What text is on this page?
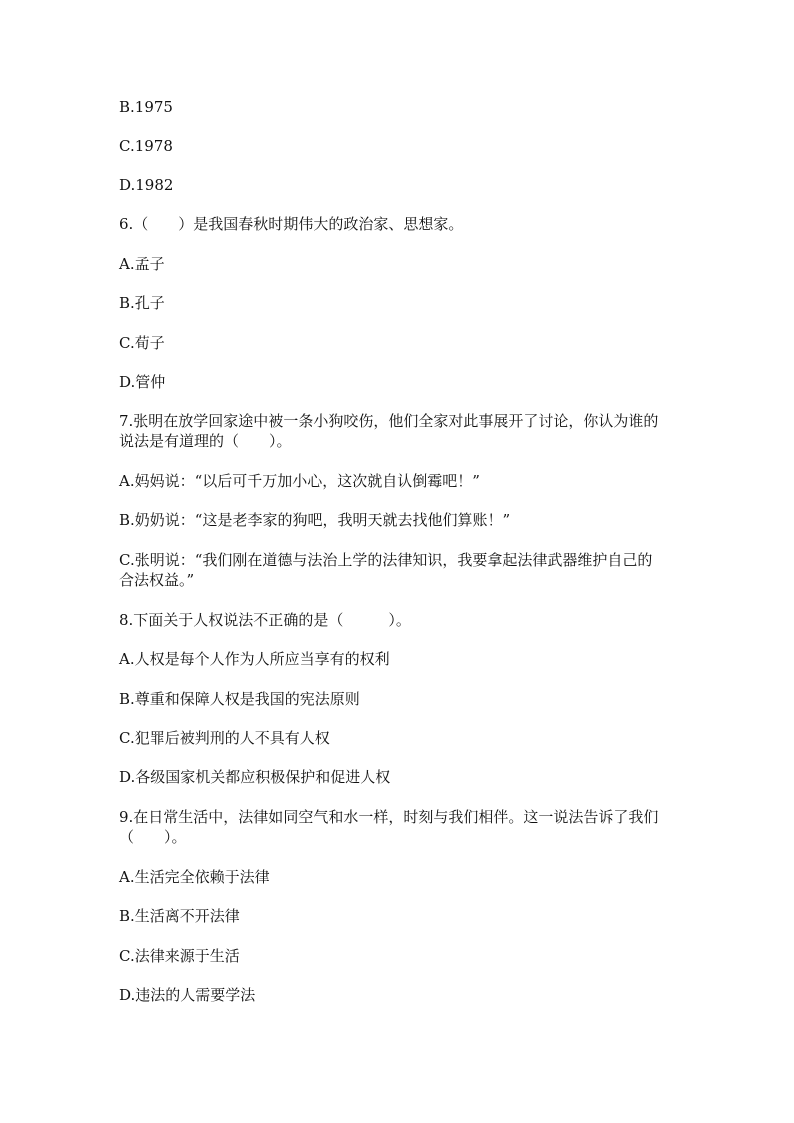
B.1975
C.1978
D.1982
6.（　　）是我国春秋时期伟大的政治家、思想家。
A.孟子
B.孔子
C.荀子
D.管仲
7.张明在放学回家途中被一条小狗咬伤，他们全家对此事展开了讨论，你认为谁的说法是有道理的（　　）。
A.妈妈说：“以后可千万加小心，这次就自认倒霉吧！”
B.奶奶说：“这是老李家的狗吧，我明天就去找他们算账！”
C.张明说：“我们刚在道德与法治上学的法律知识，我要拿起法律武器维护自己的合法权益。”
8.下面关于人权说法不正确的是（　　　）。
A.人权是每个人作为人所应当享有的权利
B.尊重和保障人权是我国的宪法原则
C.犯罪后被判刑的人不具有人权
D.各级国家机关都应积极保护和促进人权
9.在日常生活中，法律如同空气和水一样，时刻与我们相伴。这一说法告诉了我们（　　）。
A.生活完全依赖于法律
B.生活离不开法律
C.法律来源于生活
D.违法的人需要学法
